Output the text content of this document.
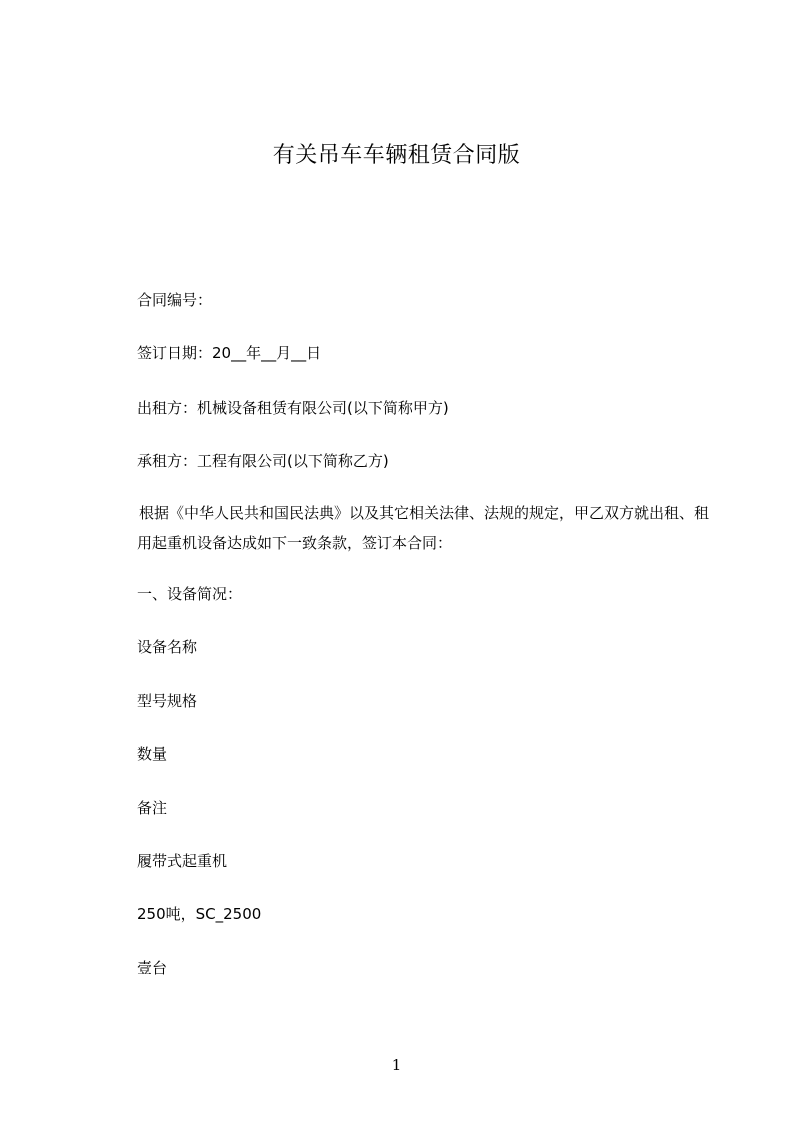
有关吊车车辆租赁合同版
合同编号：
签订日期：20__年__月__日
出租方：机械设备租赁有限公司(以下简称甲方)
承租方：工程有限公司(以下简称乙方)
根据《中华人民共和国民法典》以及其它相关法律、法规的规定，甲乙双方就出租、租用起重机设备达成如下一致条款，签订本合同：
一、设备简况：
设备名称
型号规格
数量
备注
履带式起重机
250吨，SC_2500
壹台
1
